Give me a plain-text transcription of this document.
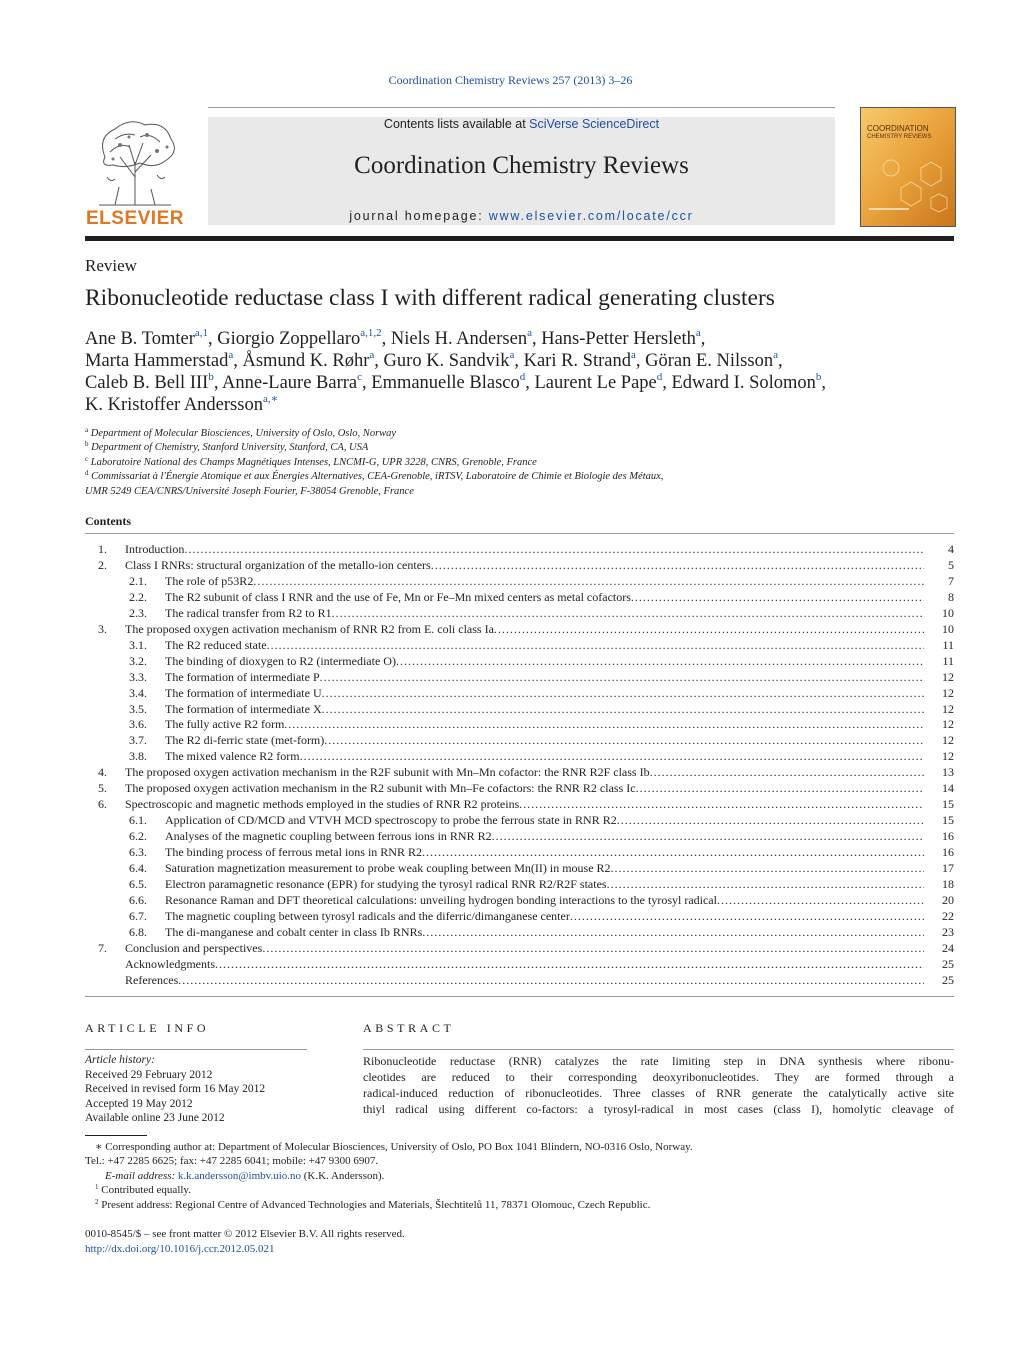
Coordination Chemistry Reviews 257 (2013) 3–26
ELSEVIER
Contents lists available at SciVerse ScienceDirect
Coordination Chemistry Reviews
journal homepage: www.elsevier.com/locate/ccr
COORDINATION
CHEMISTRY REVIEWS
Review
Ribonucleotide reductase class I with different radical generating clusters
Ane B. Tomter$^{a,1}$, Giorgio Zoppellaro$^{a,1,2}$, Niels H. Andersen$^a$, Hans-Petter Hersleth$^a$,
Marta Hammerstad$^a$, Åsmund K. Røhr$^a$, Guro K. Sandvik$^a$, Kari R. Strand$^a$, Göran E. Nilsson$^a$,
Caleb B. Bell III$^b$, Anne-Laure Barra$^c$, Emmanuelle Blasco$^d$, Laurent Le Pape$^d$, Edward I. Solomon$^b$,
K. Kristoffer Andersson$^{a,∗}$
$^a$ Department of Molecular Biosciences, University of Oslo, Oslo, Norway
$^b$ Department of Chemistry, Stanford University, Stanford, CA, USA
$^c$ Laboratoire National des Champs Magnétiques Intenses, LNCMI-G, UPR 3228, CNRS, Grenoble, France
$^d$ Commissariat à l'Énergie Atomique et aux Énergies Alternatives, CEA-Grenoble, iRTSV, Laboratoire de Chimie et Biologie des Métaux,
UMR 5249 CEA/CNRS/Université Joseph Fourier, F-38054 Grenoble, France
Contents
1. Introduction .....	4
2. Class I RNRs: structural organization of the metallo-ion centers .....	5
2.1. The role of p53R2 .....	7
2.2. The R2 subunit of class I RNR and the use of Fe, Mn or Fe–Mn mixed centers as metal cofactors .....	8
2.3. The radical transfer from R2 to R1 .....	10
3. The proposed oxygen activation mechanism of RNR R2 from E. coli class Ia .....	10
3.1. The R2 reduced state .....	11
3.2. The binding of dioxygen to R2 (intermediate O) .....	11
3.3. The formation of intermediate P .....	12
3.4. The formation of intermediate U .....	12
3.5. The formation of intermediate X .....	12
3.6. The fully active R2 form .....	12
3.7. The R2 di-ferric state (met-form) .....	12
3.8. The mixed valence R2 form .....	12
4. The proposed oxygen activation mechanism in the R2F subunit with Mn–Mn cofactor: the RNR R2F class Ib .....	13
5. The proposed oxygen activation mechanism in the R2 subunit with Mn–Fe cofactors: the RNR R2 class Ic .....	14
6. Spectroscopic and magnetic methods employed in the studies of RNR R2 proteins .....	15
6.1. Application of CD/MCD and VTVH MCD spectroscopy to probe the ferrous state in RNR R2 .....	15
6.2. Analyses of the magnetic coupling between ferrous ions in RNR R2 .....	16
6.3. The binding process of ferrous metal ions in RNR R2 .....	16
6.4. Saturation magnetization measurement to probe weak coupling between Mn(II) in mouse R2 .....	17
6.5. Electron paramagnetic resonance (EPR) for studying the tyrosyl radical RNR R2/R2F states .....	18
6.6. Resonance Raman and DFT theoretical calculations: unveiling hydrogen bonding interactions to the tyrosyl radical .....	20
6.7. The magnetic coupling between tyrosyl radicals and the diferric/dimanganese center .....	22
6.8. The di-manganese and cobalt center in class Ib RNRs .....	23
7. Conclusion and perspectives .....	24
Acknowledgments .....	25
References .....	25
ARTICLE INFO
Article history:
Received 29 February 2012
Received in revised form 16 May 2012
Accepted 19 May 2012
Available online 23 June 2012
ABSTRACT
Ribonucleotide reductase (RNR) catalyzes the rate limiting step in DNA synthesis where ribonu-
cleotides are reduced to their corresponding deoxyribonucleotides. They are formed through a
radical-induced reduction of ribonucleotides. Three classes of RNR generate the catalytically active site
thiyl radical using different co-factors: a tyrosyl-radical in most cases (class I), homolytic cleavage of
∗ Corresponding author at: Department of Molecular Biosciences, University of Oslo, PO Box 1041 Blindern, NO-0316 Oslo, Norway.
Tel.: +47 2285 6625; fax: +47 2285 6041; mobile: +47 9300 6907.
E-mail address: k.k.andersson@imbv.uio.no (K.K. Andersson).
$^1$ Contributed equally.
$^2$ Present address: Regional Centre of Advanced Technologies and Materials, Šlechtitelů 11, 78371 Olomouc, Czech Republic.
0010-8545/$ – see front matter © 2012 Elsevier B.V. All rights reserved.
http://dx.doi.org/10.1016/j.ccr.2012.05.021
